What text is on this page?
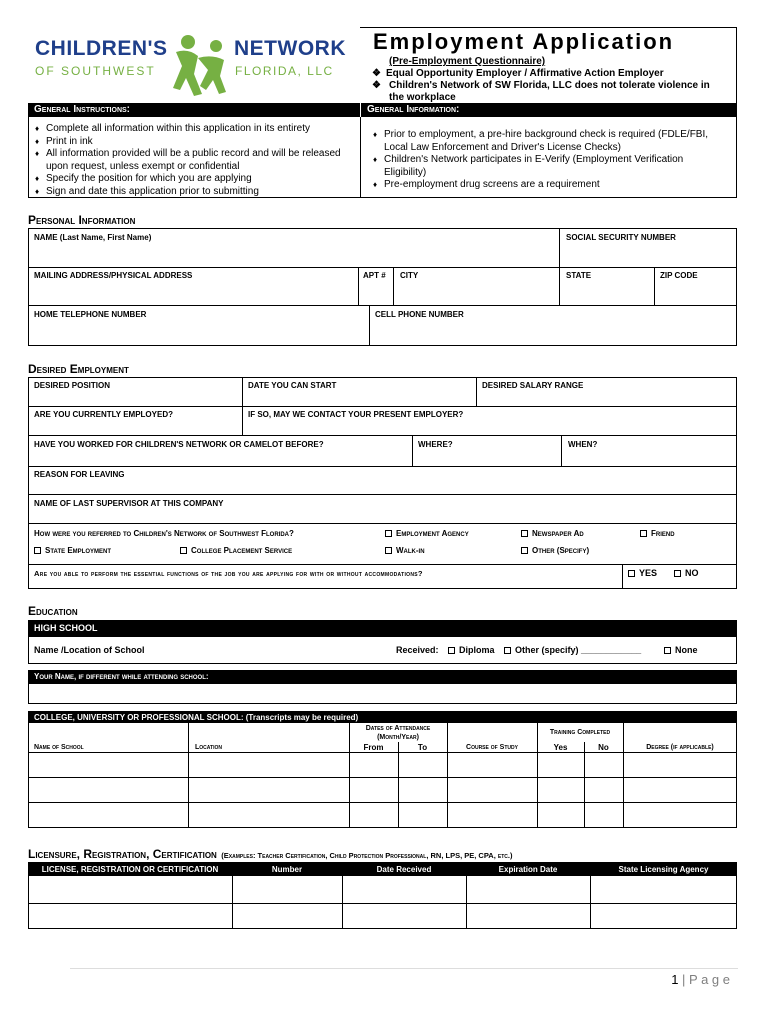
CHILDREN'S	NETWORK
OF SOUTHWEST	FLORIDA, LLC
Employment Application
(Pre-Employment Questionnaire)
❖ Equal Opportunity Employer / Affirmative Action Employer
❖ Children's Network of SW Florida, LLC does not tolerate violence in the workplace
General Instructions:	General Information:
♦ Complete all information within this application in its entirety
♦ Print in ink
♦ All information provided will be a public record and will be released upon request, unless exempt or confidential
♦ Specify the position for which you are applying
♦ Sign and date this application prior to submitting
♦ Prior to employment, a pre-hire background check is required (FDLE/FBI, Local Law Enforcement and Driver's License Checks)
♦ Children's Network participates in E-Verify (Employment Verification Eligibility)
♦ Pre-employment drug screens are a requirement
Personal Information
NAME (Last Name, First Name)	SOCIAL SECURITY NUMBER
MAILING ADDRESS/PHYSICAL ADDRESS	APT # CITY	STATE	ZIP CODE
HOME TELEPHONE NUMBER	CELL PHONE NUMBER
Desired Employment
DESIRED POSITION	DATE YOU CAN START	DESIRED SALARY RANGE
ARE YOU CURRENTLY EMPLOYED?	IF SO, MAY WE CONTACT YOUR PRESENT EMPLOYER?
HAVE YOU WORKED FOR CHILDREN'S NETWORK OR CAMELOT BEFORE?	WHERE?	WHEN?
REASON FOR LEAVING
NAME OF LAST SUPERVISOR AT THIS COMPANY
How were you referred to Children's Network of Southwest Florida?	Employment Agency	Newspaper Ad	Friend
State Employment	College Placement Service	Walk-in	Other (Specify)
Are you able to perform the essential functions of the job you are applying for with or without accommodations?	YES	NO
Education
HIGH SCHOOL
Name /Location of School	Received:	Diploma	Other (specify) ____________	None
Your Name, if different while attending school:
COLLEGE, UNIVERSITY OR PROFESSIONAL SCHOOL: (Transcripts may be required)
Dates of Attendance
(Month/Year)
Training Completed
Name of School	Location	From	To	Course of Study	Yes	No	Degree (if applicable)
Licensure, Registration, Certification (Examples: Teacher Certification, Child Protection Professional, RN, LPS, PE, CPA, etc.)
LICENSE, REGISTRATION OR CERTIFICATION	Number	Date Received	Expiration Date	State Licensing Agency
1 | P a g e
